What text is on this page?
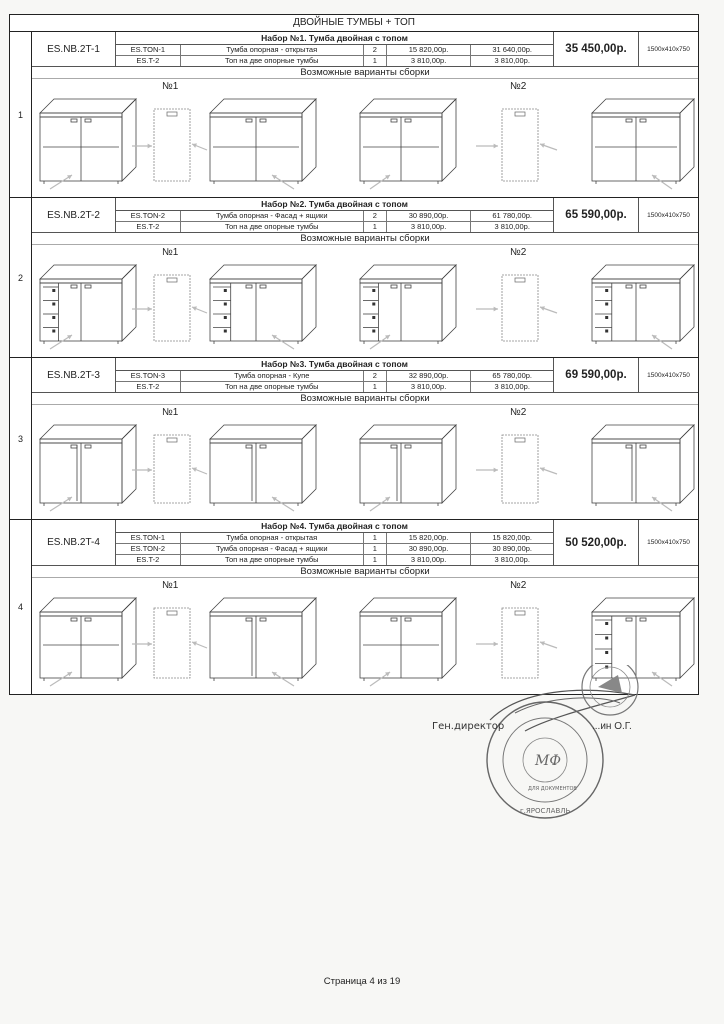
ДВОЙНЫЕ ТУМБЫ + ТОП
1
ES.NB.2T-1
Набор №1. Тумба двойная с топом
ES.TON-1	Тумба опорная - открытая	2	15 820,00р.	31 640,00р.
ES.T-2	Топ на две опорные тумбы	1	3 810,00р.	3 810,00р.
35 450,00р.	1500x410x750
Возможные варианты сборки
№1	№2
2
ES.NB.2T-2
Набор №2. Тумба двойная с топом
ES.TON-2	Тумба опорная - Фасад + ящики	2	30 890,00р.	61 780,00р.
ES.T-2	Топ на две опорные тумбы	1	3 810,00р.	3 810,00р.
65 590,00р.	1500x410x750
Возможные варианты сборки
№1	№2
3
ES.NB.2T-3
Набор №3. Тумба двойная с топом
ES.TON-3	Тумба опорная - Купе	2	32 890,00р.	65 780,00р.
ES.T-2	Топ на две опорные тумбы	1	3 810,00р.	3 810,00р.
69 590,00р.	1500x410x750
Возможные варианты сборки
№1	№2
4
ES.NB.2T-4
Набор №4. Тумба двойная с топом
ES.TON-1	Тумба опорная - открытая	1	15 820,00р.	15 820,00р.
ES.TON-2	Тумба опорная - Фасад + ящики	1	30 890,00р.	30 890,00р.
ES.T-2	Топ на две опорные тумбы	1	3 810,00р.	3 810,00р.
50 520,00р.	1500x410x750
Возможные варианты сборки
№1	№2
МФ
ДЛЯ ДОКУМЕНТОВ
г.ЯРОСЛАВЛЬ
Ген.директор	...ин О.Г.
Страница 4 из 19
